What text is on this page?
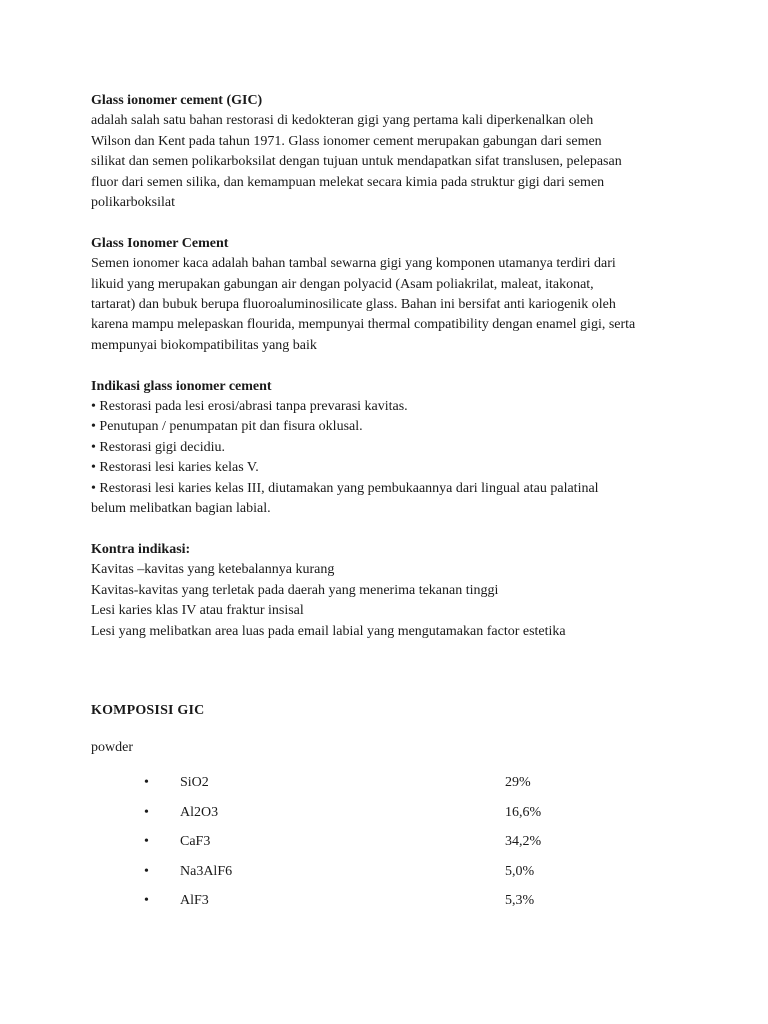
Glass ionomer cement (GIC)

adalah salah satu bahan restorasi di kedokteran gigi yang pertama kali diperkenalkan oleh

Wilson dan Kent pada tahun 1971. Glass ionomer cement merupakan gabungan dari semen

silikat dan semen polikarboksilat dengan tujuan untuk mendapatkan sifat translusen, pelepasan

fluor dari semen silika, dan kemampuan melekat secara kimia pada struktur gigi dari semen

polikarboksilat

Glass Ionomer Cement

Semen ionomer kaca adalah bahan tambal sewarna gigi yang komponen utamanya terdiri dari

likuid yang merupakan gabungan air dengan polyacid (Asam poliakrilat, maleat, itakonat,

tartarat) dan bubuk berupa fluoroaluminosilicate glass. Bahan ini bersifat anti kariogenik oleh

karena mampu melepaskan flourida, mempunyai thermal compatibility dengan enamel gigi, serta

mempunyai biokompatibilitas yang baik

Indikasi glass ionomer cement

• Restorasi pada lesi erosi/abrasi tanpa prevarasi kavitas.

• Penutupan / penumpatan pit dan fisura oklusal.

• Restorasi gigi decidiu.

• Restorasi lesi karies kelas V.

• Restorasi lesi karies kelas III, diutamakan yang pembukaannya dari lingual atau palatinal

belum melibatkan bagian labial.

Kontra indikasi:

Kavitas –kavitas yang ketebalannya kurang

Kavitas-kavitas yang terletak pada daerah yang menerima tekanan tinggi

Lesi karies klas IV atau fraktur insisal

Lesi yang melibatkan area luas pada email labial yang mengutamakan factor estetika

KOMPOSISI GIC
powder
• SiO2	29%
• Al2O3	16,6%
• CaF3	34,2%
• Na3AlF6	5,0%
• AlF3	5,3%
